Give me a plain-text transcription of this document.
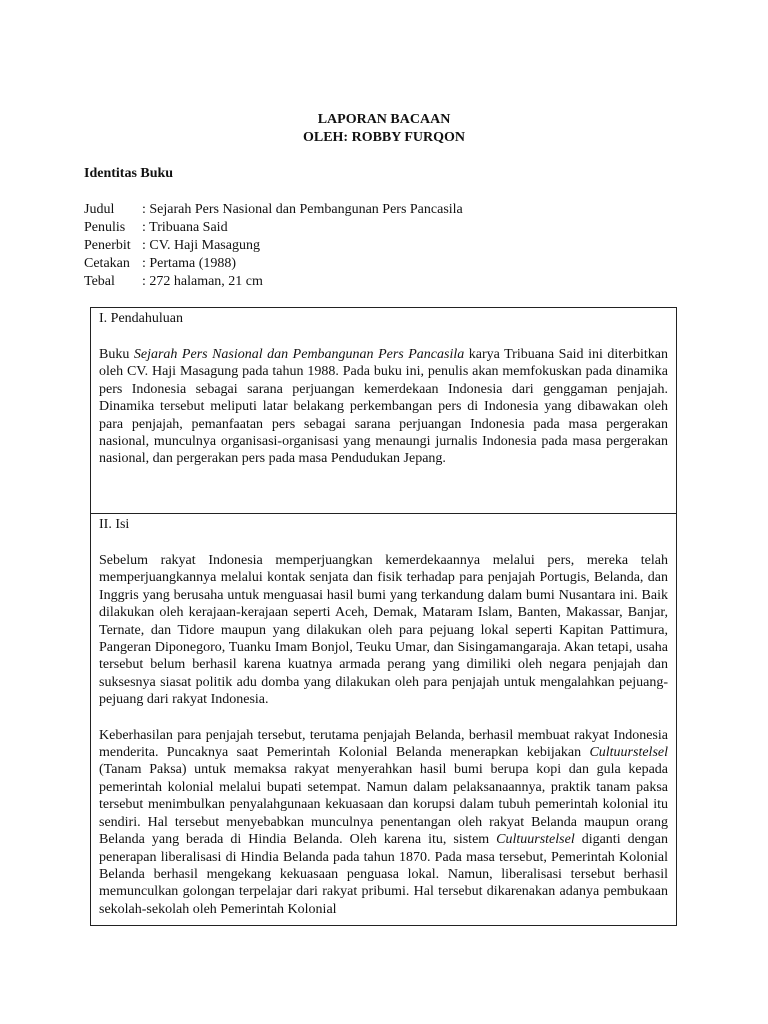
LAPORAN BACAAN
OLEH: ROBBY FURQON
Identitas Buku
Judul	: Sejarah Pers Nasional dan Pembangunan Pers Pancasila
Penulis	: Tribuana Said
Penerbit : CV. Haji Masagung
Cetakan : Pertama (1988)
Tebal	: 272 halaman, 21 cm

I. Pendahuluan

Buku Sejarah Pers Nasional dan Pembangunan Pers Pancasila karya Tribuana Said ini diterbitkan oleh CV. Haji Masagung pada tahun 1988. Pada buku ini, penulis akan memfokuskan pada dinamika pers Indonesia sebagai sarana perjuangan kemerdekaan Indonesia dari genggaman penjajah. Dinamika tersebut meliputi latar belakang perkembangan pers di Indonesia yang dibawakan oleh para penjajah, pemanfaatan pers sebagai sarana perjuangan Indonesia pada masa pergerakan nasional, munculnya organisasi-organisasi yang menaungi jurnalis Indonesia pada masa pergerakan nasional, dan pergerakan pers pada masa Pendudukan Jepang.

II. Isi

Sebelum rakyat Indonesia memperjuangkan kemerdekaannya melalui pers, mereka telah memperjuangkannya melalui kontak senjata dan fisik terhadap para penjajah Portugis, Belanda, dan Inggris yang berusaha untuk menguasai hasil bumi yang terkandung dalam bumi Nusantara ini. Baik dilakukan oleh kerajaan-kerajaan seperti Aceh, Demak, Mataram Islam, Banten, Makassar, Banjar, Ternate, dan Tidore maupun yang dilakukan oleh para pejuang lokal seperti Kapitan Pattimura, Pangeran Diponegoro, Tuanku Imam Bonjol, Teuku Umar, dan Sisingamangaraja. Akan tetapi, usaha tersebut belum berhasil karena kuatnya armada perang yang dimiliki oleh negara penjajah dan suksesnya siasat politik adu domba yang dilakukan oleh para penjajah untuk mengalahkan pejuang-pejuang dari rakyat Indonesia.

Keberhasilan para penjajah tersebut, terutama penjajah Belanda, berhasil membuat rakyat Indonesia menderita. Puncaknya saat Pemerintah Kolonial Belanda menerapkan kebijakan Cultuurstelsel (Tanam Paksa) untuk memaksa rakyat menyerahkan hasil bumi berupa kopi dan gula kepada pemerintah kolonial melalui bupati setempat. Namun dalam pelaksanaannya, praktik tanam paksa tersebut menimbulkan penyalahgunaan kekuasaan dan korupsi dalam tubuh pemerintah kolonial itu sendiri. Hal tersebut menyebabkan munculnya penentangan oleh rakyat Belanda maupun orang Belanda yang berada di Hindia Belanda. Oleh karena itu, sistem Cultuurstelsel diganti dengan penerapan liberalisasi di Hindia Belanda pada tahun 1870. Pada masa tersebut, Pemerintah Kolonial Belanda berhasil mengekang kekuasaan penguasa lokal. Namun, liberalisasi tersebut berhasil memunculkan golongan terpelajar dari rakyat pribumi. Hal tersebut dikarenakan adanya pembukaan sekolah-sekolah oleh Pemerintah Kolonial
